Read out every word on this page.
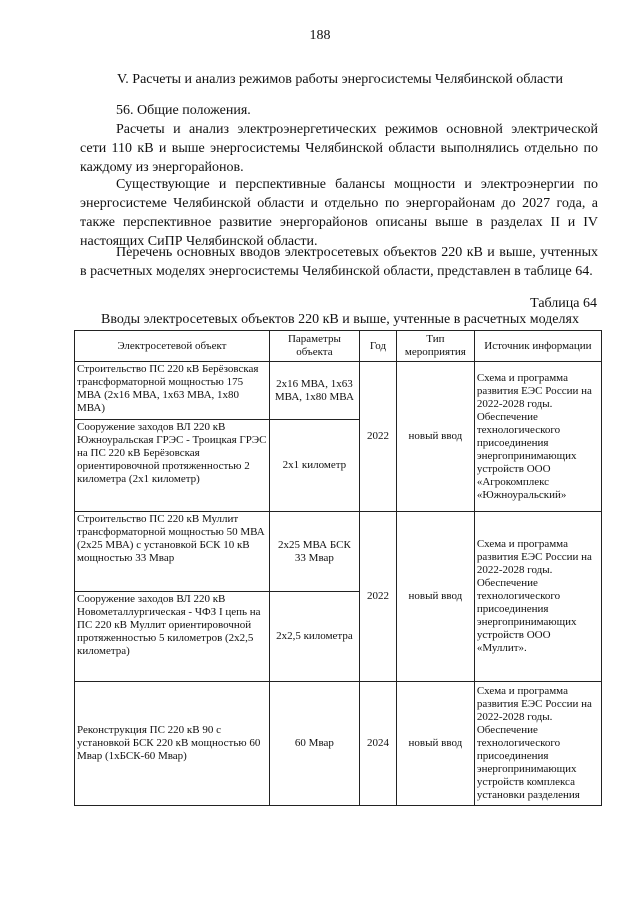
188
V. Расчеты и анализ режимов работы энергосистемы Челябинской области
56. Общие положения.
Расчеты и анализ электроэнергетических режимов основной электрической сети 110 кВ и выше энергосистемы Челябинской области выполнялись отдельно по каждому из энергорайонов.
Существующие и перспективные балансы мощности и электроэнергии по энергосистеме Челябинской области и отдельно по энергорайонам до 2027 года, а также перспективное развитие энергорайонов описаны выше в разделах II и IV настоящих СиПР Челябинской области.
Перечень основных вводов электросетевых объектов 220 кВ и выше, учтенных в расчетных моделях энергосистемы Челябинской области, представлен в таблице 64.
Таблица 64
Вводы электросетевых объектов 220 кВ и выше, учтенные в расчетных моделях
Электросетевой объект	Параметры объекта	Год	Тип мероприятия	Источник информации
Строительство ПС 220 кВ Берёзовская трансформаторной мощностью 175 МВА (2x16 МВА, 1x63 МВА, 1x80 МВА)	2x16 МВА, 1x63 МВА, 1x80 МВА	2022	новый ввод	Схема и программа развития ЕЭС России на 2022-2028 годы. Обеспечение технологического присоединения энергопринимающих устройств ООО «Агрокомплекс «Южноуральский»
Сооружение заходов ВЛ 220 кВ Южноуральская ГРЭС - Троицкая ГРЭС на ПС 220 кВ Берёзовская ориентировочной протяженностью 2 километра (2x1 километр)	2x1 километр			
Строительство ПС 220 кВ Муллит трансформаторной мощностью 50 МВА (2x25 МВА) с установкой БСК 10 кВ мощностью 33 Мвар	2x25 МВА БСК 33 Мвар	2022	новый ввод	Схема и программа развития ЕЭС России на 2022-2028 годы. Обеспечение технологического присоединения энергопринимающих устройств ООО «Муллит».
Сооружение заходов ВЛ 220 кВ Новометаллургическая - ЧФЗ I цепь на ПС 220 кВ Муллит ориентировочной протяженностью 5 километров (2x2,5 километра)	2x2,5 километра			
Реконструкция ПС 220 кВ 90 с установкой БСК 220 кВ мощностью 60 Мвар (1xБСК-60 Мвар)	60 Мвар	2024	новый ввод	Схема и программа развития ЕЭС России на 2022-2028 годы. Обеспечение технологического присоединения энергопринимающих устройств комплекса установки разделения
